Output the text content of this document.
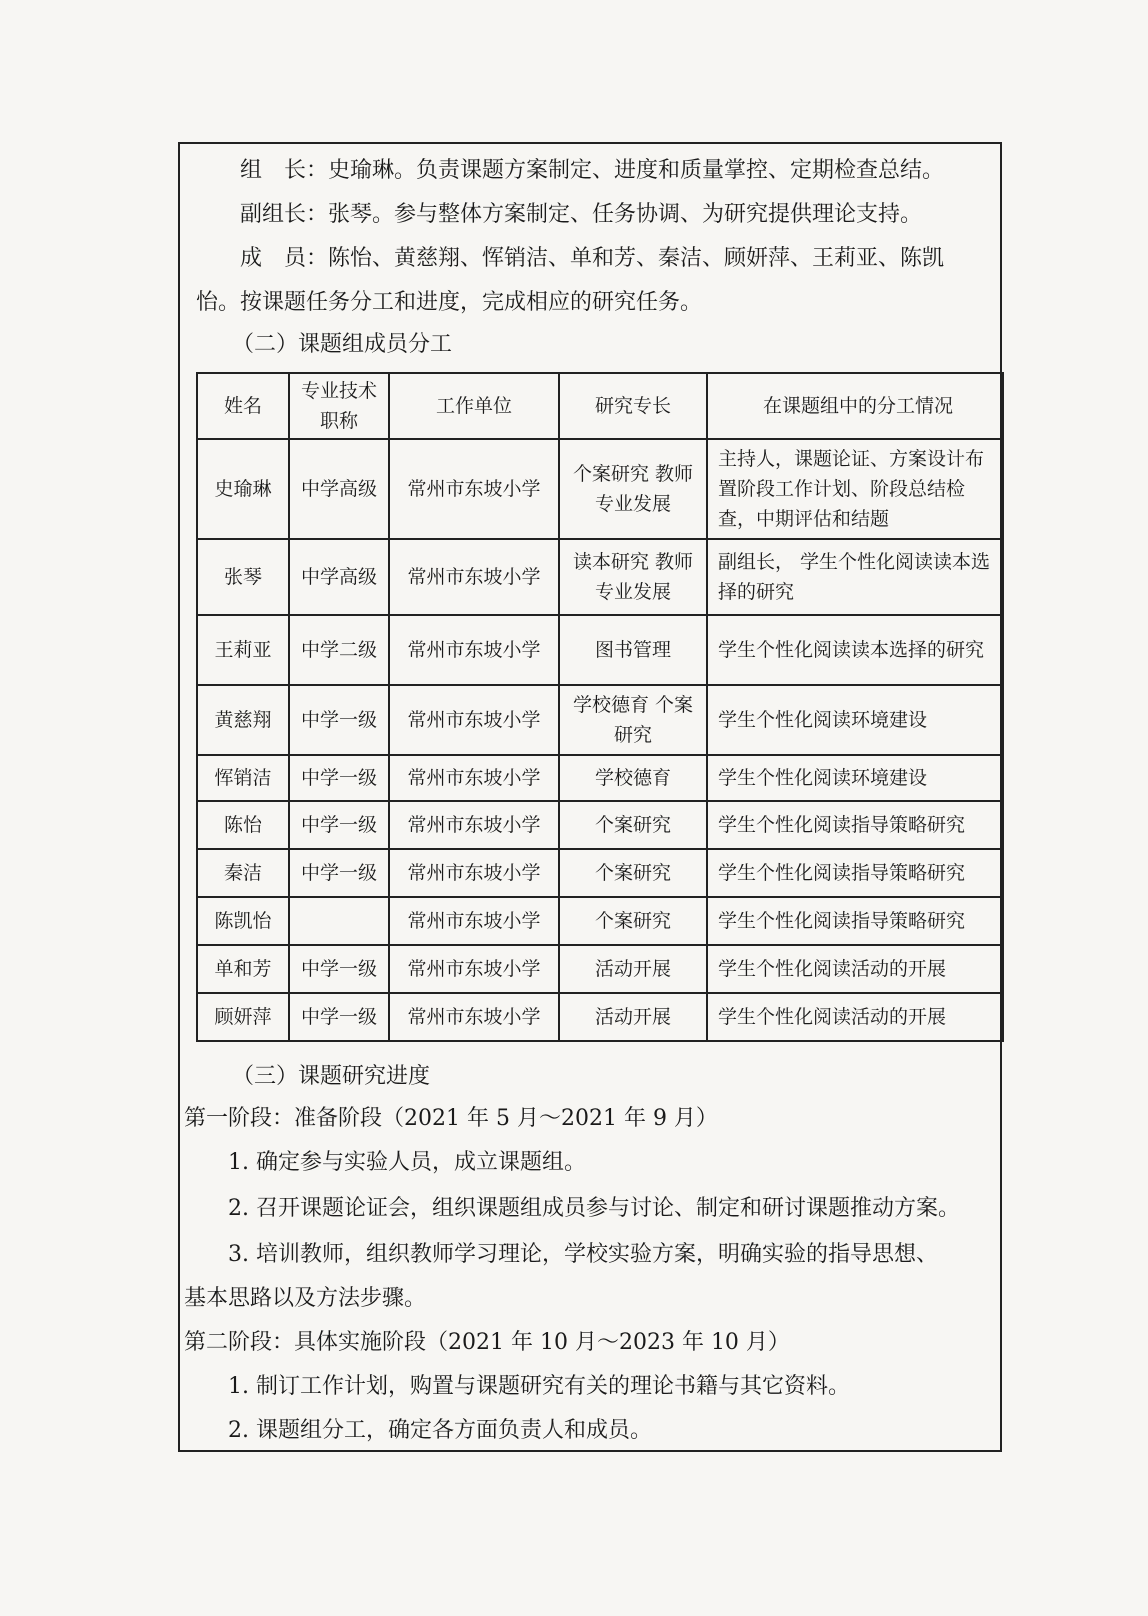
组　长：史瑜琳。负责课题方案制定、进度和质量掌控、定期检查总结。
副组长：张琴。参与整体方案制定、任务协调、为研究提供理论支持。
成　员：陈怡、黄慈翔、恽销洁、单和芳、秦洁、顾妍萍、王莉亚、陈凯
怡。按课题任务分工和进度，完成相应的研究任务。
（二）课题组成员分工
姓名	专业技术职称	工作单位	研究专长	在课题组中的分工情况
史瑜琳	中学高级	常州市东坡小学	个案研究 教师专业发展	主持人，课题论证、方案设计布置阶段工作计划、阶段总结检查，中期评估和结题
张琴	中学高级	常州市东坡小学	读本研究 教师专业发展	副组长， 学生个性化阅读读本选择的研究
王莉亚	中学二级	常州市东坡小学	图书管理	学生个性化阅读读本选择的研究
黄慈翔	中学一级	常州市东坡小学	学校德育 个案研究	学生个性化阅读环境建设
恽销洁	中学一级	常州市东坡小学	学校德育	学生个性化阅读环境建设
陈怡	中学一级	常州市东坡小学	个案研究	学生个性化阅读指导策略研究
秦洁	中学一级	常州市东坡小学	个案研究	学生个性化阅读指导策略研究
陈凯怡		常州市东坡小学	个案研究	学生个性化阅读指导策略研究
单和芳	中学一级	常州市东坡小学	活动开展	学生个性化阅读活动的开展
顾妍萍	中学一级	常州市东坡小学	活动开展	学生个性化阅读活动的开展
（三）课题研究进度
第一阶段：准备阶段（2021 年 5 月～2021 年 9 月）
1. 确定参与实验人员，成立课题组。
2. 召开课题论证会，组织课题组成员参与讨论、制定和研讨课题推动方案。
3. 培训教师，组织教师学习理论，学校实验方案，明确实验的指导思想、
基本思路以及方法步骤。
第二阶段：具体实施阶段（2021 年 10 月～2023 年 10 月）
1. 制订工作计划，购置与课题研究有关的理论书籍与其它资料。
2. 课题组分工，确定各方面负责人和成员。
